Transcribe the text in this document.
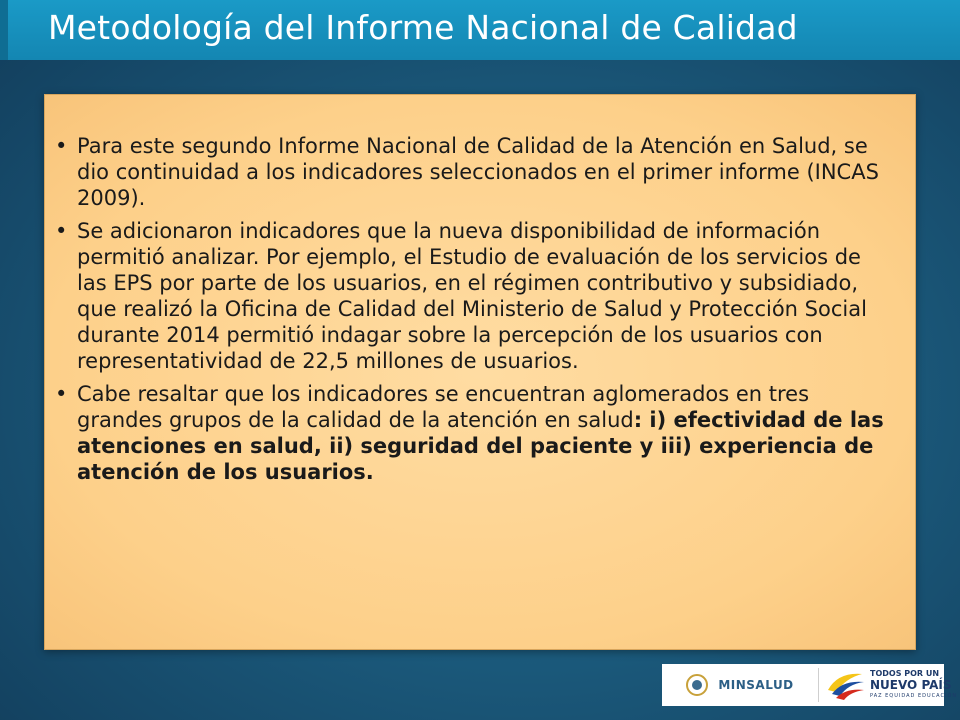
Metodología del Informe Nacional de Calidad
• Para este segundo Informe Nacional de Calidad de la Atención en Salud, se dio continuidad a los indicadores seleccionados en el primer informe (INCAS 2009).
• Se adicionaron indicadores que la nueva disponibilidad de información permitió analizar. Por ejemplo, el Estudio de evaluación de los servicios de las EPS por parte de los usuarios, en el régimen contributivo y subsidiado, que realizó la Oficina de Calidad del Ministerio de Salud y Protección Social durante 2014 permitió indagar sobre la percepción de los usuarios con representatividad de 22,5 millones de usuarios.
• Cabe resaltar que los indicadores se encuentran aglomerados en tres grandes grupos de la calidad de la atención en salud: i) efectividad de las atenciones en salud, ii) seguridad del paciente y iii) experiencia de atención de los usuarios.
MINSALUD
TODOS POR UN
NUEVO PAÍS
PAZ EQUIDAD EDUCACIÓN
